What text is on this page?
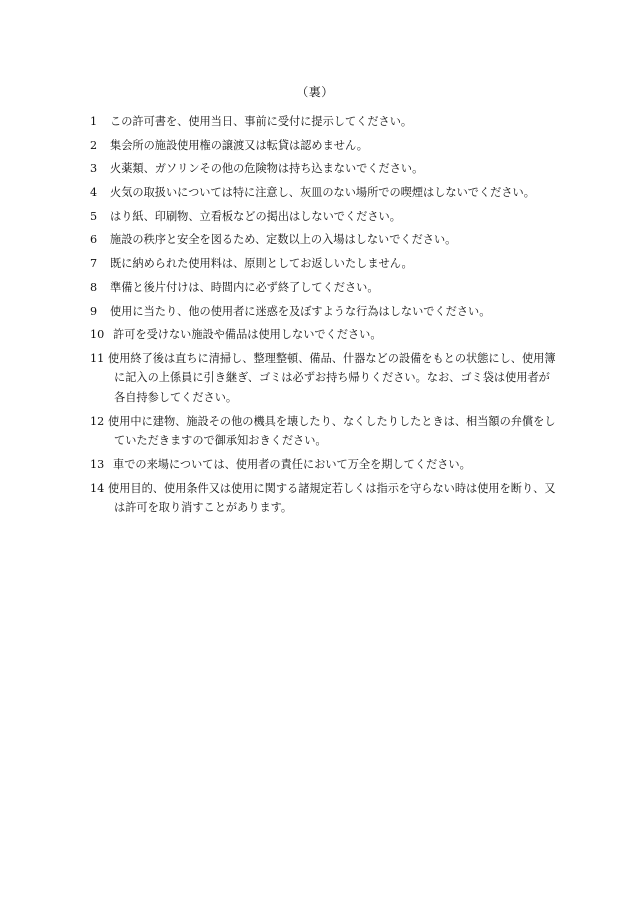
（裏）
1 この許可書を、使用当日、事前に受付に提示してください。
2 集会所の施設使用権の譲渡又は転貸は認めません。
3 火薬類、ガソリンその他の危険物は持ち込まないでください。
4 火気の取扱いについては特に注意し、灰皿のない場所での喫煙はしないでください。
5 はり紙、印刷物、立看板などの掲出はしないでください。
6 施設の秩序と安全を図るため、定数以上の入場はしないでください。
7 既に納められた使用料は、原則としてお返しいたしません。
8 準備と後片付けは、時間内に必ず終了してください。
9 使用に当たり、他の使用者に迷惑を及ぼすような行為はしないでください。
10 許可を受けない施設や備品は使用しないでください。
11 使用終了後は直ちに清掃し、整理整頓、備品、什器などの設備をもとの状態にし、使用簿に記入の上係員に引き継ぎ、ゴミは必ずお持ち帰りください。なお、ゴミ袋は使用者が各自持参してください。
12 使用中に建物、施設その他の機具を壊したり、なくしたりしたときは、相当額の弁償をしていただきますので御承知おきください。
13 車での来場については、使用者の責任において万全を期してください。
14 使用目的、使用条件又は使用に関する諸規定若しくは指示を守らない時は使用を断り、又は許可を取り消すことがあります。
